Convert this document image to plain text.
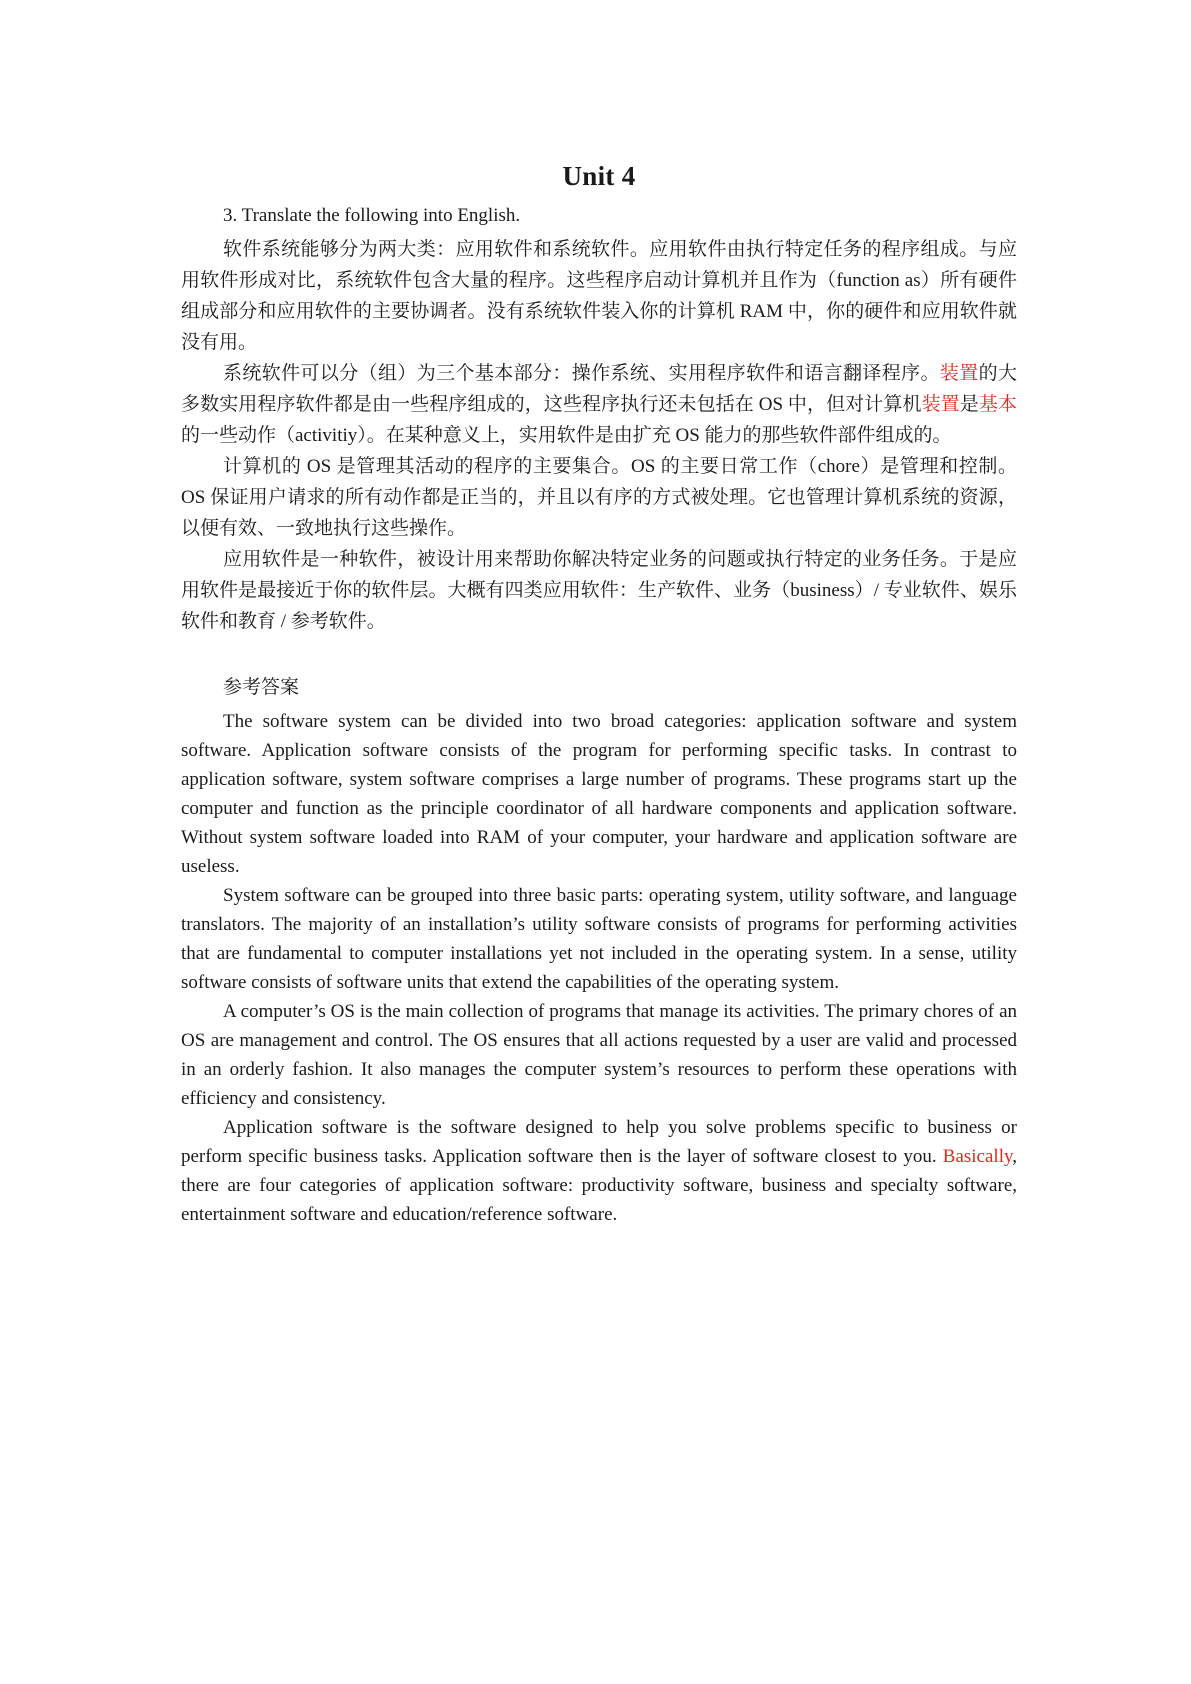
Unit 4

3. Translate the following into English.

软件系统能够分为两大类：应用软件和系统软件。应用软件由执行特定任务的程序组成。与应用软件形成对比，系统软件包含大量的程序。这些程序启动计算机并且作为（function as）所有硬件组成部分和应用软件的主要协调者。没有系统软件装入你的计算机 RAM 中，你的硬件和应用软件就没有用。

系统软件可以分（组）为三个基本部分：操作系统、实用程序软件和语言翻译程序。装置的大多数实用程序软件都是由一些程序组成的，这些程序执行还未包括在 OS 中，但对计算机装置是基本的一些动作（activitiy）。在某种意义上，实用软件是由扩充 OS 能力的那些软件部件组成的。

计算机的 OS 是管理其活动的程序的主要集合。OS 的主要日常工作（chore）是管理和控制。OS 保证用户请求的所有动作都是正当的，并且以有序的方式被处理。它也管理计算机系统的资源，以便有效、一致地执行这些操作。

应用软件是一种软件，被设计用来帮助你解决特定业务的问题或执行特定的业务任务。于是应用软件是最接近于你的软件层。大概有四类应用软件：生产软件、业务（business）/ 专业软件、娱乐软件和教育 / 参考软件。

参考答案

The software system can be divided into two broad categories: application software and system software. Application software consists of the program for performing specific tasks. In contrast to application software, system software comprises a large number of programs. These programs start up the computer and function as the principle coordinator of all hardware components and application software. Without system software loaded into RAM of your computer, your hardware and application software are useless.

System software can be grouped into three basic parts: operating system, utility software, and language translators. The majority of an installation’s utility software consists of programs for performing activities that are fundamental to computer installations yet not included in the operating system. In a sense, utility software consists of software units that extend the capabilities of the operating system.

A computer’s OS is the main collection of programs that manage its activities. The primary chores of an OS are management and control. The OS ensures that all actions requested by a user are valid and processed in an orderly fashion. It also manages the computer system’s resources to perform these operations with efficiency and consistency.

Application software is the software designed to help you solve problems specific to business or perform specific business tasks. Application software then is the layer of software closest to you. Basically, there are four categories of application software: productivity software, business and specialty software, entertainment software and education/reference software.
